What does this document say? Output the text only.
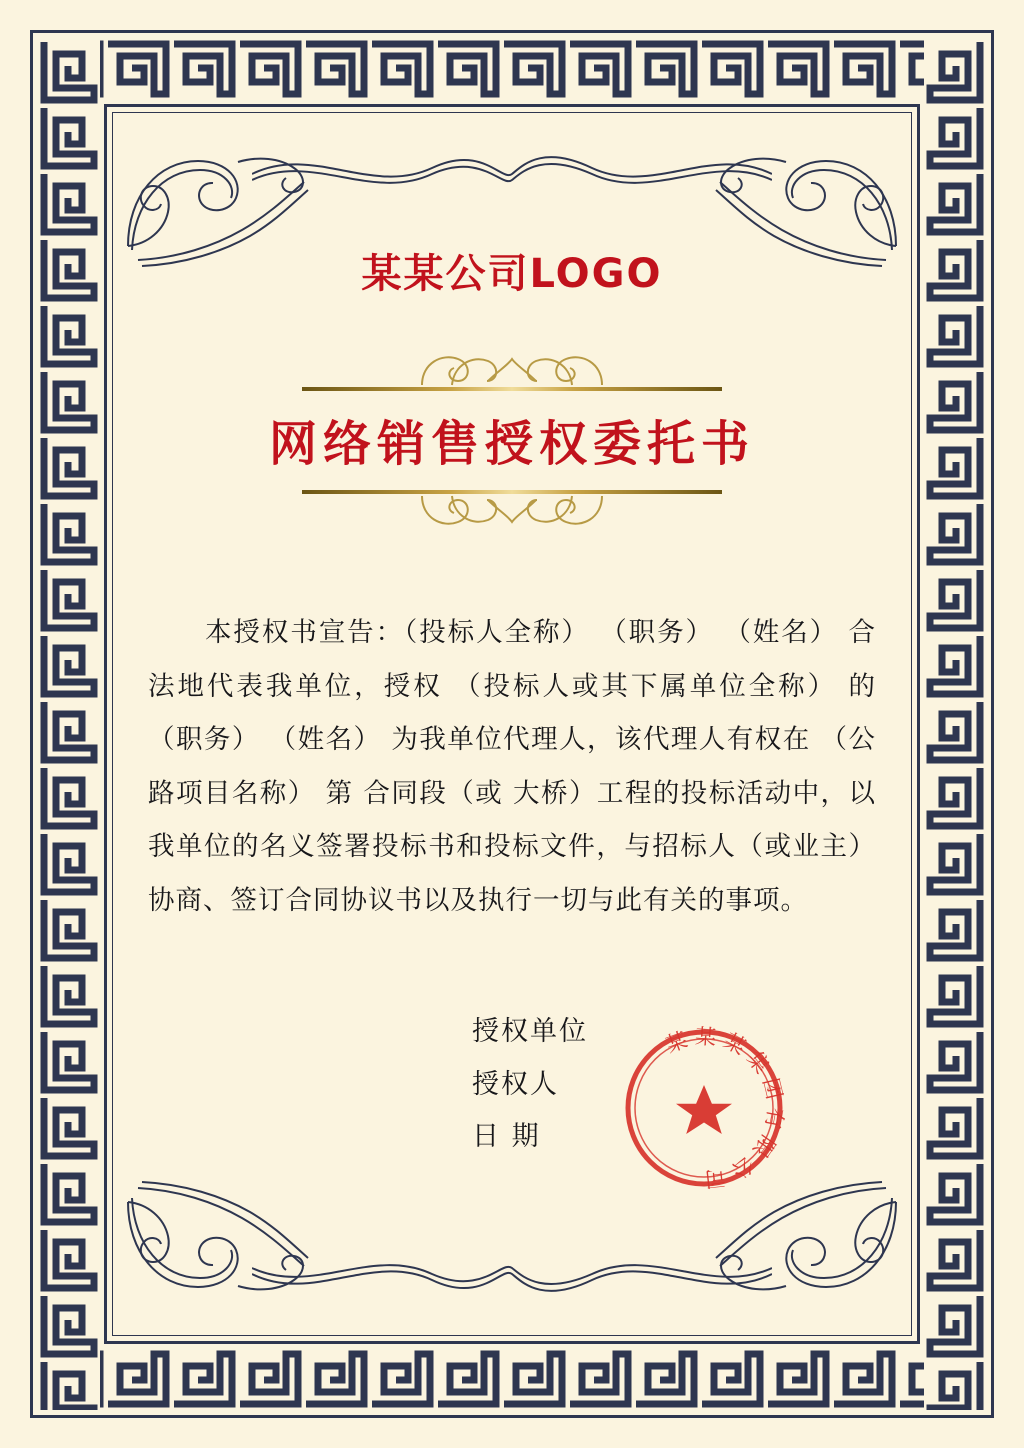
某某公司LOGO
网络销售授权委托书
本授权书宣告：（投标人全称） （职务） （姓名） 合法地代表我单位，授权 （投标人或其下属单位全称） 的（职务） （姓名） 为我单位代理人，该代理人有权在 （公路项目名称） 第 合同段（或 大桥）工程的投标活动中，以我单位的名义签署投标书和投标文件，与招标人（或业主）协商、签订合同协议书以及执行一切与此有关的事项。
授权单位
授权人
日 期
某某某集团有限公司
